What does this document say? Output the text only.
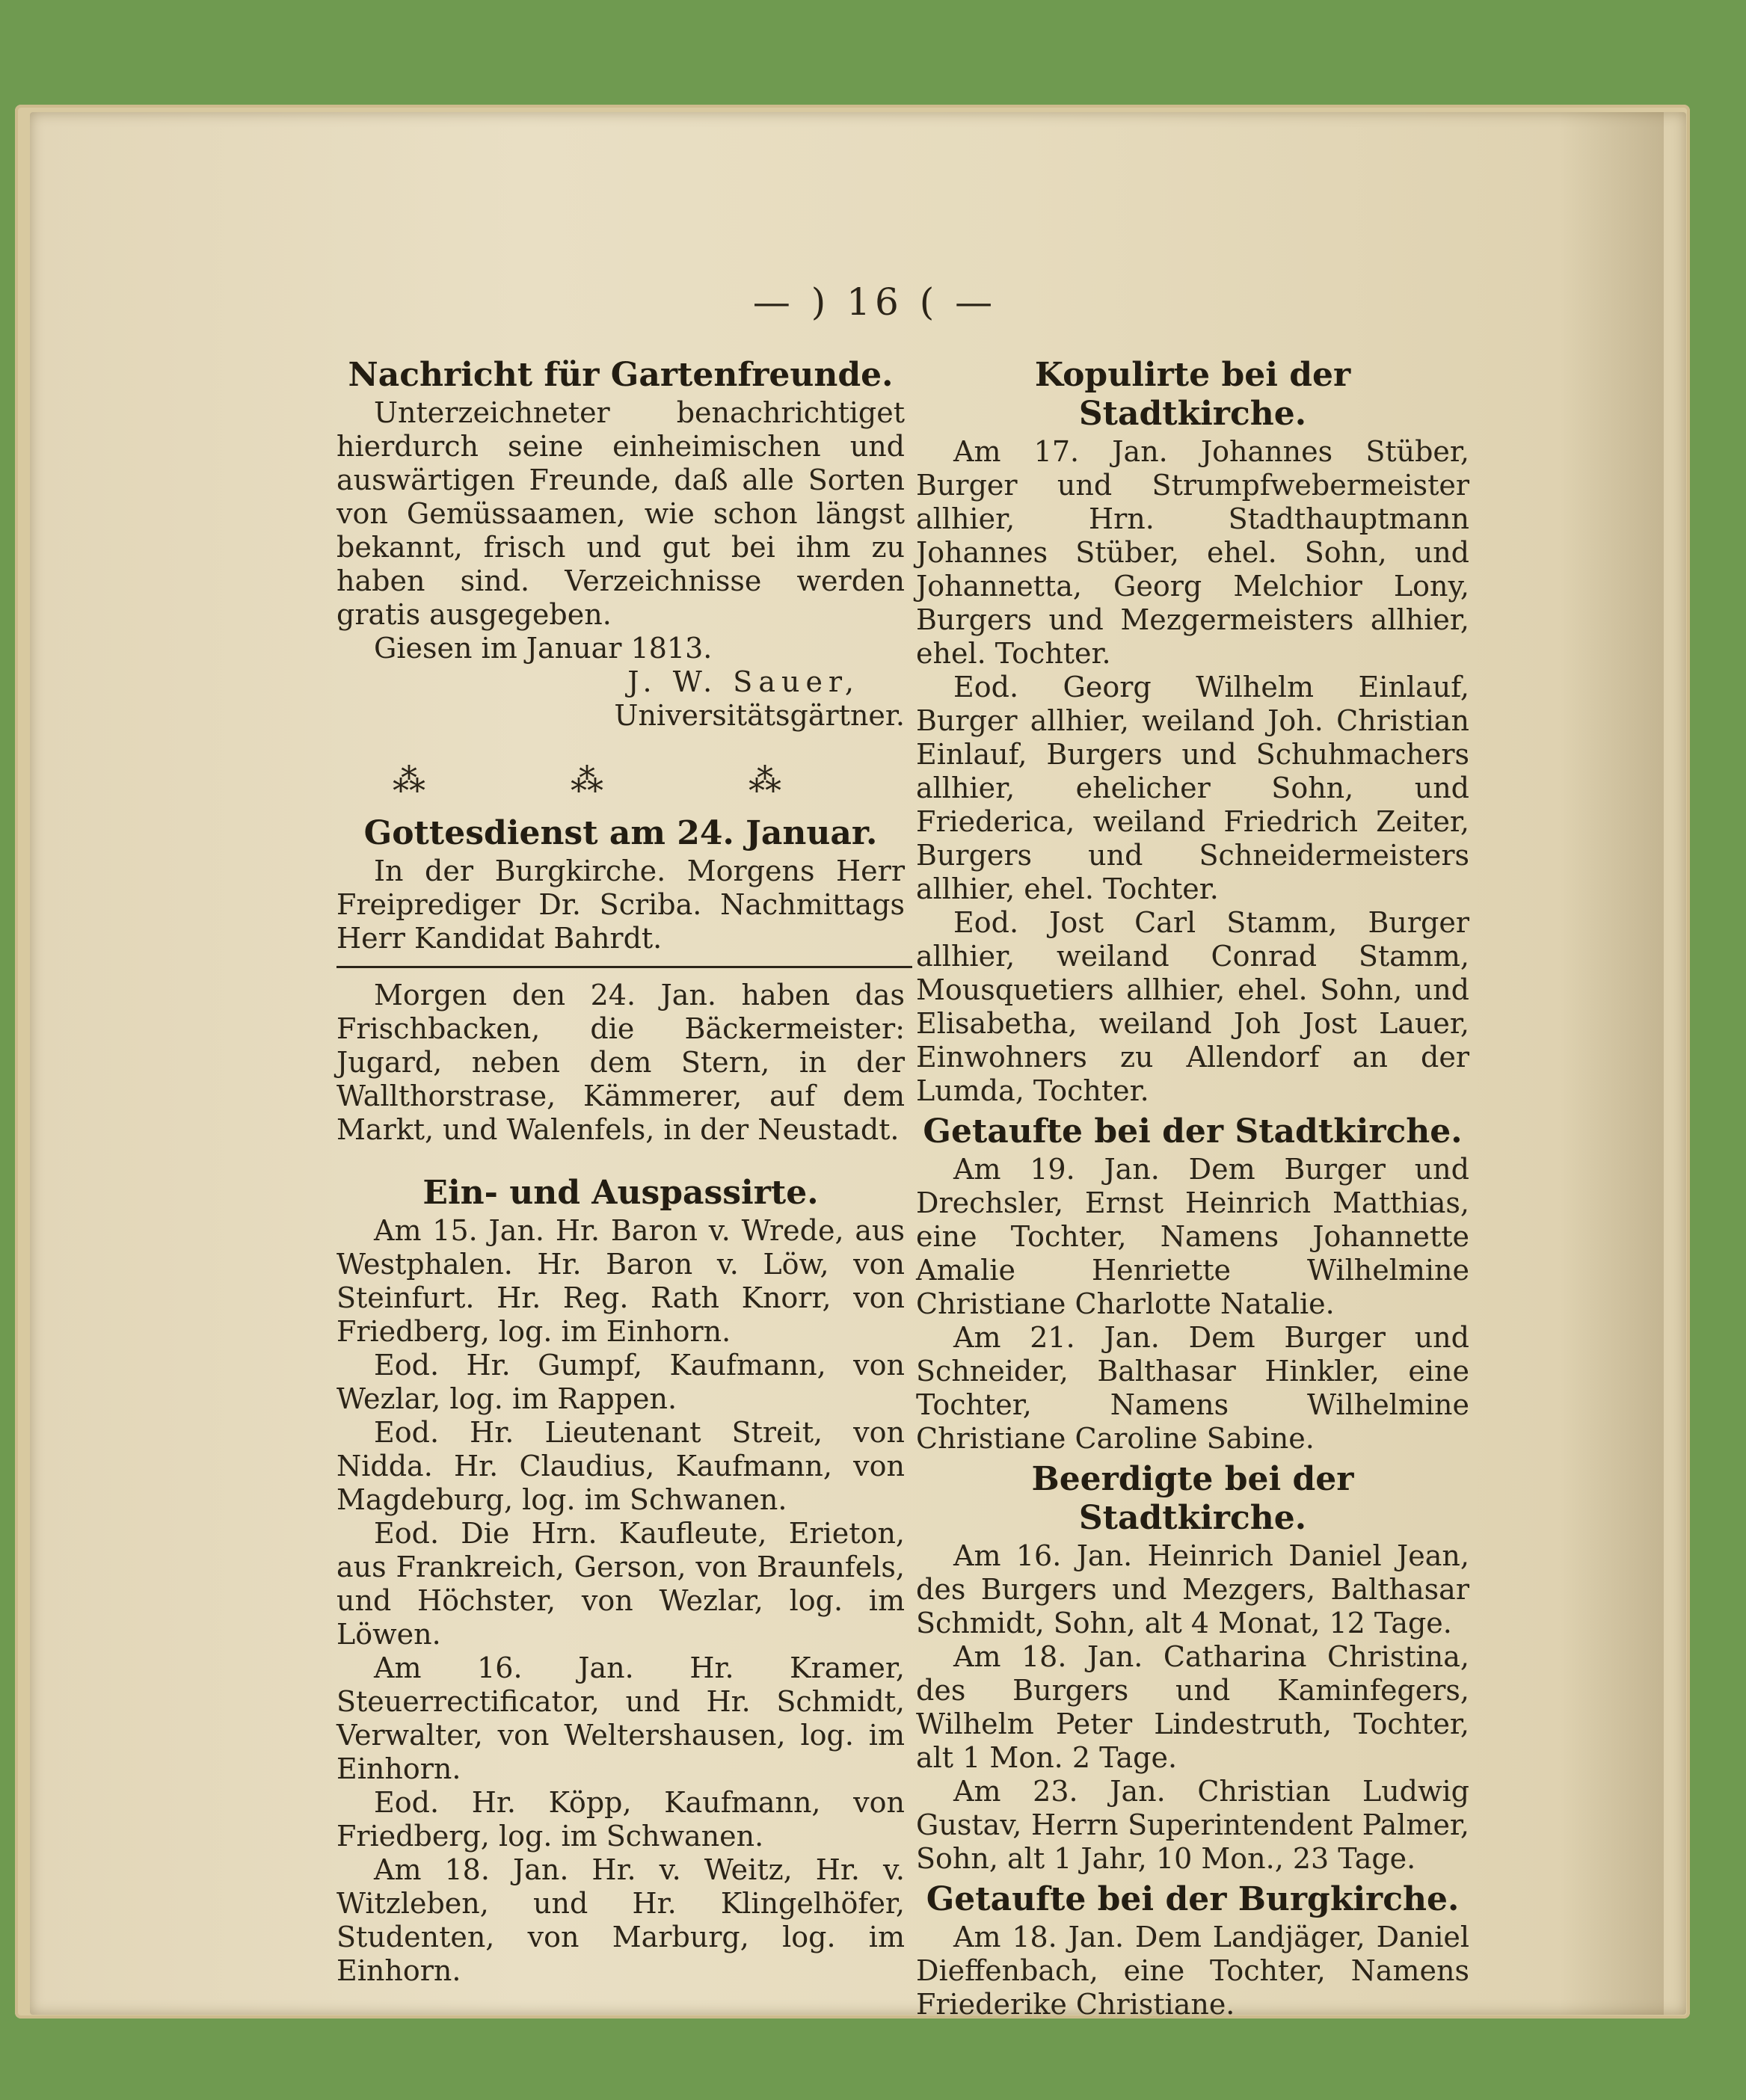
— ) 16 ( —
Nachricht für Gartenfreunde.

Unterzeichneter benachrichtiget hierdurch seine einheimischen und auswärtigen Freunde, daß alle Sorten von Gemüssaamen, wie schon längst bekannt, frisch und gut bei ihm zu haben sind. Verzeichnisse werden gratis ausgegeben.

Giesen im Januar 1813.

J. W. Sauer,
Universitätsgärtner.

⁂ ⁂ ⁂
Gottesdienst am 24. Januar.

In der Burgkirche. Morgens Herr Freiprediger Dr. Scriba. Nachmittags Herr Kandidat Bahrdt.

Morgen den 24. Jan. haben das Frischbacken, die Bäckermeister: Jugard, neben dem Stern, in der Wallthorstrase, Kämmerer, auf dem Markt, und Walenfels, in der Neustadt.

Ein- und Auspassirte.

Am 15. Jan. Hr. Baron v. Wrede, aus Westphalen. Hr. Baron v. Löw, von Steinfurt. Hr. Reg. Rath Knorr, von Friedberg, log. im Einhorn.

Eod. Hr. Gumpf, Kaufmann, von Wezlar, log. im Rappen.

Eod. Hr. Lieutenant Streit, von Nidda. Hr. Claudius, Kaufmann, von Magdeburg, log. im Schwanen.

Eod. Die Hrn. Kaufleute, Erieton, aus Frankreich, Gerson, von Braunfels, und Höchster, von Wezlar, log. im Löwen.

Am 16. Jan. Hr. Kramer, Steuerrectificator, und Hr. Schmidt, Verwalter, von Weltershausen, log. im Einhorn.

Eod. Hr. Köpp, Kaufmann, von Friedberg, log. im Schwanen.

Am 18. Jan. Hr. v. Weitz, Hr. v. Witzleben, und Hr. Klingelhöfer, Studenten, von Marburg, log. im Einhorn.

Kopulirte bei der Stadtkirche.

Am 17. Jan. Johannes Stüber, Burger und Strumpfwebermeister allhier, Hrn. Stadthauptmann Johannes Stüber, ehel. Sohn, und Johannetta, Georg Melchior Lony, Burgers und Mezgermeisters allhier, ehel. Tochter.

Eod. Georg Wilhelm Einlauf, Burger allhier, weiland Joh. Christian Einlauf, Burgers und Schuhmachers allhier, ehelicher Sohn, und Friederica, weiland Friedrich Zeiter, Burgers und Schneidermeisters allhier, ehel. Tochter.

Eod. Jost Carl Stamm, Burger allhier, weiland Conrad Stamm, Mousquetiers allhier, ehel. Sohn, und Elisabetha, weiland Joh Jost Lauer, Einwohners zu Allendorf an der Lumda, Tochter.

Getaufte bei der Stadtkirche.

Am 19. Jan. Dem Burger und Drechsler, Ernst Heinrich Matthias, eine Tochter, Namens Johannette Amalie Henriette Wilhelmine Christiane Charlotte Natalie.

Am 21. Jan. Dem Burger und Schneider, Balthasar Hinkler, eine Tochter, Namens Wilhelmine Christiane Caroline Sabine.

Beerdigte bei der Stadtkirche.

Am 16. Jan. Heinrich Daniel Jean, des Burgers und Mezgers, Balthasar Schmidt, Sohn, alt 4 Monat, 12 Tage.

Am 18. Jan. Catharina Christina, des Burgers und Kaminfegers, Wilhelm Peter Lindestruth, Tochter, alt 1 Mon. 2 Tage.

Am 23. Jan. Christian Ludwig Gustav, Herrn Superintendent Palmer, Sohn, alt 1 Jahr, 10 Mon., 23 Tage.

Getaufte bei der Burgkirche.

Am 18. Jan. Dem Landjäger, Daniel Dieffenbach, eine Tochter, Namens Friederike Christiane.
